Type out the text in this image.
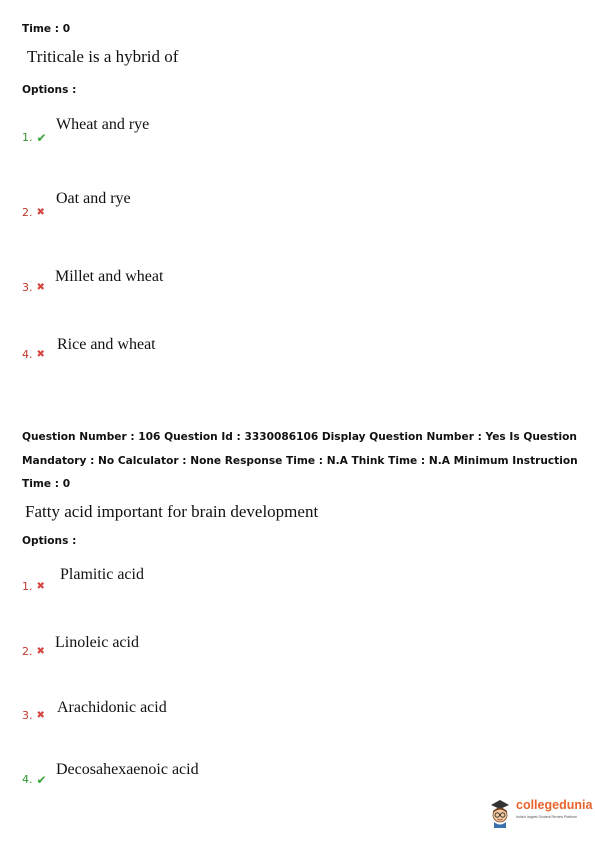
Time : 0
Triticale is a hybrid of
Options :
1. ✔
Wheat and rye
2. ✖
Oat and rye
3. ✖
Millet and wheat
4. ✖
Rice and wheat
Question Number : 106 Question Id : 3330086106 Display Question Number : Yes Is Question
Mandatory : No Calculator : None Response Time : N.A Think Time : N.A Minimum Instruction
Time : 0
Fatty acid important for brain development
Options :
1. ✖
Plamitic acid
2. ✖ Linoleic acid
3. ✖ Arachidonic acid
4. ✔
Decosahexaenoic acid
collegedunia
India's largest Student Review Platform
